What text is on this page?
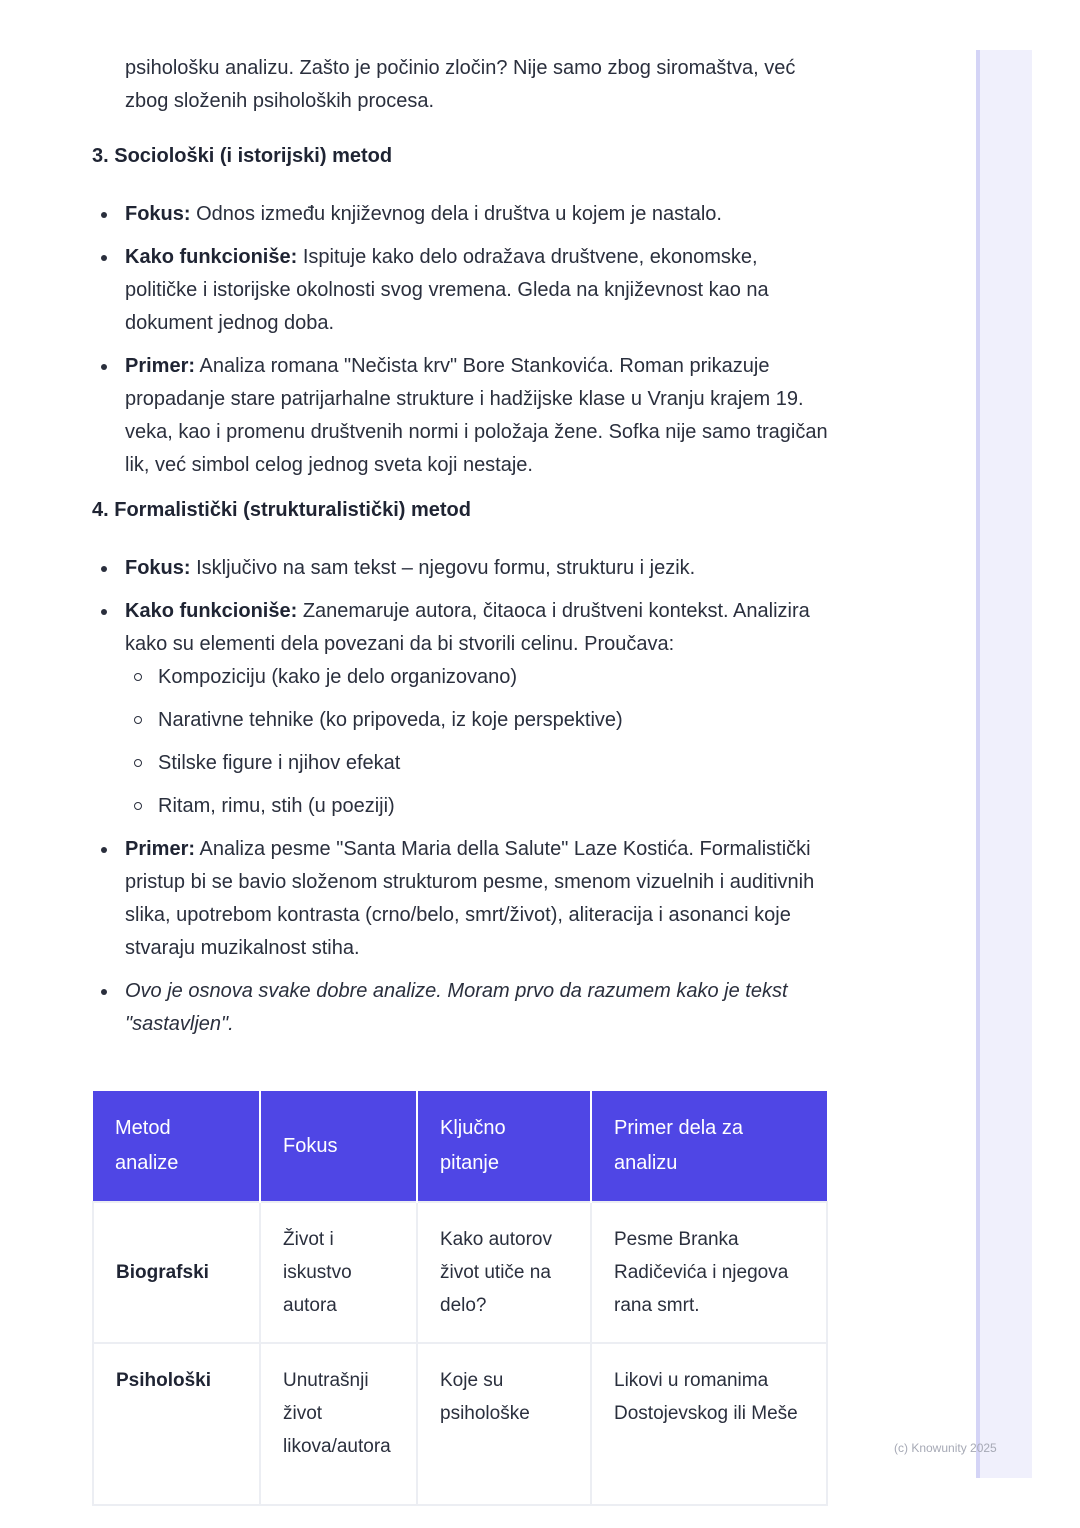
psihološku analizu. Zašto je počinio zločin? Nije samo zbog siromaštva, već zbog složenih psiholoških procesa.

3. Sociološki (i istorijski) metod
Fokus: Odnos između književnog dela i društva u kojem je nastalo.
Kako funkcioniše: Ispituje kako delo odražava društvene, ekonomske, političke i istorijske okolnosti svog vremena. Gleda na književnost kao na dokument jednog doba.
Primer: Analiza romana "Nečista krv" Bore Stankovića. Roman prikazuje propadanje stare patrijarhalne strukture i hadžijske klase u Vranju krajem 19. veka, kao i promenu društvenih normi i položaja žene. Sofka nije samo tragičan lik, već simbol celog jednog sveta koji nestaje.
4. Formalistički (strukturalistički) metod
Fokus: Isključivo na sam tekst – njegovu formu, strukturu i jezik.
Kako funkcioniše: Zanemaruje autora, čitaoca i društveni kontekst. Analizira kako su elementi dela povezani da bi stvorili celinu. Proučava:
Kompoziciju (kako je delo organizovano)
Narativne tehnike (ko pripoveda, iz koje perspektive)
Stilske figure i njihov efekat
Ritam, rimu, stih (u poeziji)
Primer: Analiza pesme "Santa Maria della Salute" Laze Kostića. Formalistički pristup bi se bavio složenom strukturom pesme, smenom vizuelnih i auditivnih slika, upotrebom kontrasta (crno/belo, smrt/život), aliteracija i asonanci koje stvaraju muzikalnost stiha.
Ovo je osnova svake dobre analize. Moram prvo da razumem kako je tekst "sastavljen".
Metod analize	Fokus	Ključno pitanje	Primer dela za analizu
Biografski	Život i iskustvo autora	Kako autorov život utiče na delo?	Pesme Branka Radičevića i njegova rana smrt.
Psihološki	Unutrašnji život likova/autora	Koje su psihološke	Likovi u romanima Dostojevskog ili Meše
(c) Knowunity 2025
